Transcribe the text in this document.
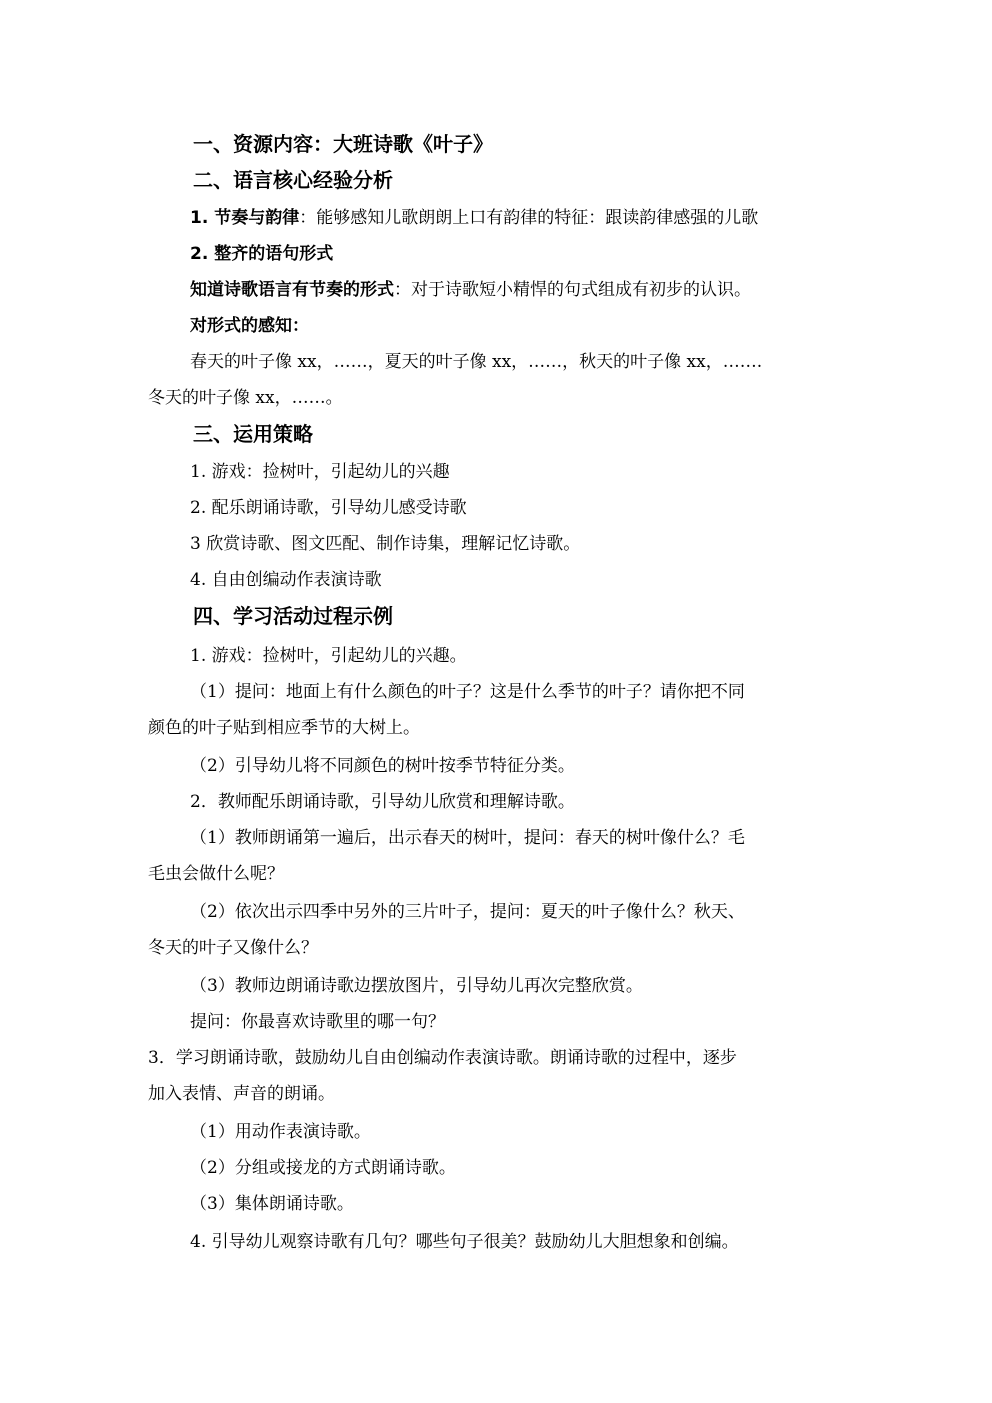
一、资源内容：大班诗歌《叶子》
二、语言核心经验分析
1. 节奏与韵律：能够感知儿歌朗朗上口有韵律的特征：跟读韵律感强的儿歌
2. 整齐的语句形式
知道诗歌语言有节奏的形式：对于诗歌短小精悍的句式组成有初步的认识。
对形式的感知：
春天的叶子像 xx，……，夏天的叶子像 xx，……，秋天的叶子像 xx，…….
冬天的叶子像 xx，……。
三、运用策略
1. 游戏：捡树叶，引起幼儿的兴趣
2. 配乐朗诵诗歌，引导幼儿感受诗歌
3 欣赏诗歌、图文匹配、制作诗集，理解记忆诗歌。
4. 自由创编动作表演诗歌
四、学习活动过程示例
1. 游戏：捡树叶，引起幼儿的兴趣。
（1）提问：地面上有什么颜色的叶子？这是什么季节的叶子？请你把不同
颜色的叶子贴到相应季节的大树上。
（2）引导幼儿将不同颜色的树叶按季节特征分类。
2．教师配乐朗诵诗歌，引导幼儿欣赏和理解诗歌。
（1）教师朗诵第一遍后，出示春天的树叶，提问：春天的树叶像什么？毛
毛虫会做什么呢？
（2）依次出示四季中另外的三片叶子，提问：夏天的叶子像什么？秋天、
冬天的叶子又像什么？
（3）教师边朗诵诗歌边摆放图片，引导幼儿再次完整欣赏。
提问：你最喜欢诗歌里的哪一句？
3．学习朗诵诗歌，鼓励幼儿自由创编动作表演诗歌。朗诵诗歌的过程中，逐步
加入表情、声音的朗诵。
（1）用动作表演诗歌。
（2）分组或接龙的方式朗诵诗歌。
（3）集体朗诵诗歌。
4. 引导幼儿观察诗歌有几句？哪些句子很美？鼓励幼儿大胆想象和创编。
